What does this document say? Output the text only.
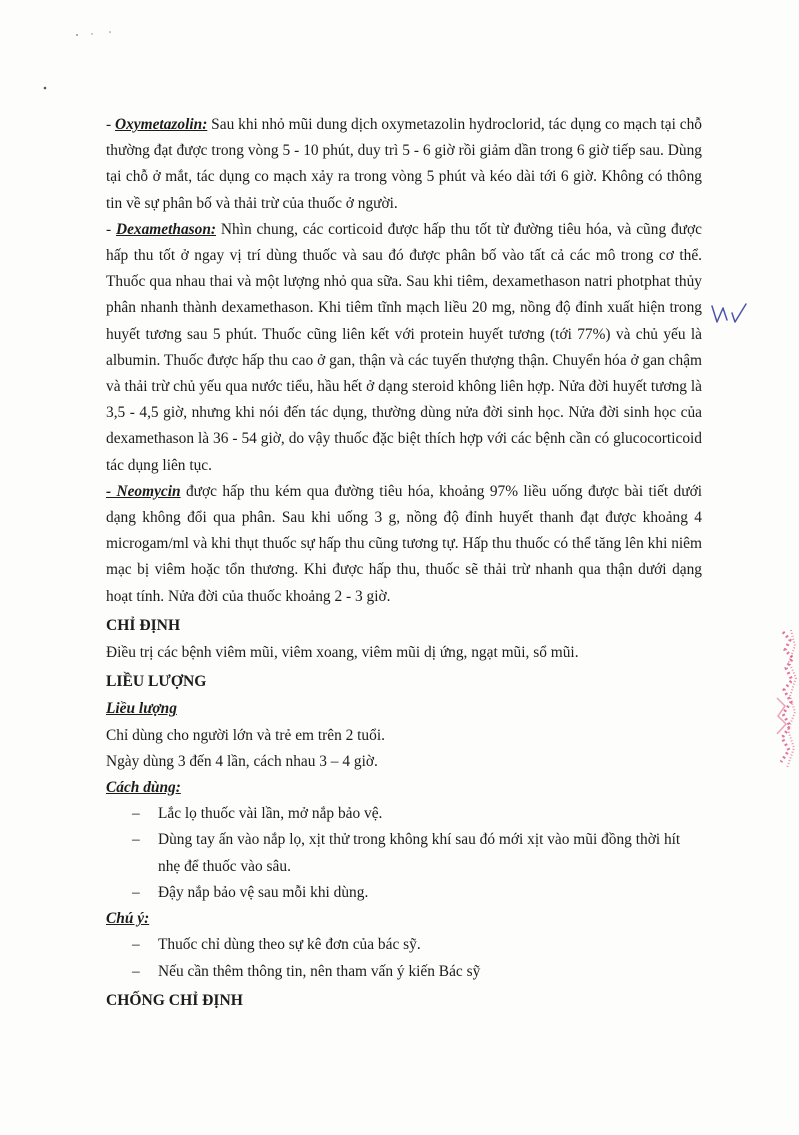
- Oxymetazolin: Sau khi nhỏ mũi dung dịch oxymetazolin hydroclorid, tác dụng co mạch tại chỗ thường đạt được trong vòng 5 - 10 phút, duy trì 5 - 6 giờ rồi giảm dần trong 6 giờ tiếp sau. Dùng tại chỗ ở mắt, tác dụng co mạch xảy ra trong vòng 5 phút và kéo dài tới 6 giờ. Không có thông tin về sự phân bố và thải trừ của thuốc ở người.

- Dexamethason: Nhìn chung, các corticoid được hấp thu tốt từ đường tiêu hóa, và cũng được hấp thu tốt ở ngay vị trí dùng thuốc và sau đó được phân bố vào tất cả các mô trong cơ thể. Thuốc qua nhau thai và một lượng nhỏ qua sữa. Sau khi tiêm, dexamethason natri photphat thủy phân nhanh thành dexamethason. Khi tiêm tĩnh mạch liều 20 mg, nồng độ đỉnh xuất hiện trong huyết tương sau 5 phút. Thuốc cũng liên kết với protein huyết tương (tới 77%) và chủ yếu là albumin. Thuốc được hấp thu cao ở gan, thận và các tuyến thượng thận. Chuyển hóa ở gan chậm và thải trừ chủ yếu qua nước tiểu, hầu hết ở dạng steroid không liên hợp. Nửa đời huyết tương là 3,5 - 4,5 giờ, nhưng khi nói đến tác dụng, thường dùng nửa đời sinh học. Nửa đời sinh học của dexamethason là 36 - 54 giờ, do vậy thuốc đặc biệt thích hợp với các bệnh cần có glucocorticoid tác dụng liên tục.

- Neomycin được hấp thu kém qua đường tiêu hóa, khoảng 97% liều uống được bài tiết dưới dạng không đổi qua phân. Sau khi uống 3 g, nồng độ đỉnh huyết thanh đạt được khoảng 4 microgam/ml và khi thụt thuốc sự hấp thu cũng tương tự. Hấp thu thuốc có thể tăng lên khi niêm mạc bị viêm hoặc tổn thương. Khi được hấp thu, thuốc sẽ thải trừ nhanh qua thận dưới dạng hoạt tính. Nửa đời của thuốc khoảng 2 - 3 giờ.

CHỈ ĐỊNH

Điều trị các bệnh viêm mũi, viêm xoang, viêm mũi dị ứng, ngạt mũi, sổ mũi.

LIỀU LƯỢNG

Liều lượng

Chỉ dùng cho người lớn và trẻ em trên 2 tuổi.

Ngày dùng 3 đến 4 lần, cách nhau 3 – 4 giờ.

Cách dùng:

– Lắc lọ thuốc vài lần, mở nắp bảo vệ.
– Dùng tay ấn vào nắp lọ, xịt thử trong không khí sau đó mới xịt vào mũi đồng thời hít nhẹ để thuốc vào sâu.
– Đậy nắp bảo vệ sau mỗi khi dùng.

Chú ý:

– Thuốc chỉ dùng theo sự kê đơn của bác sỹ.
– Nếu cần thêm thông tin, nên tham vấn ý kiến Bác sỹ
CHỐNG CHỈ ĐỊNH
